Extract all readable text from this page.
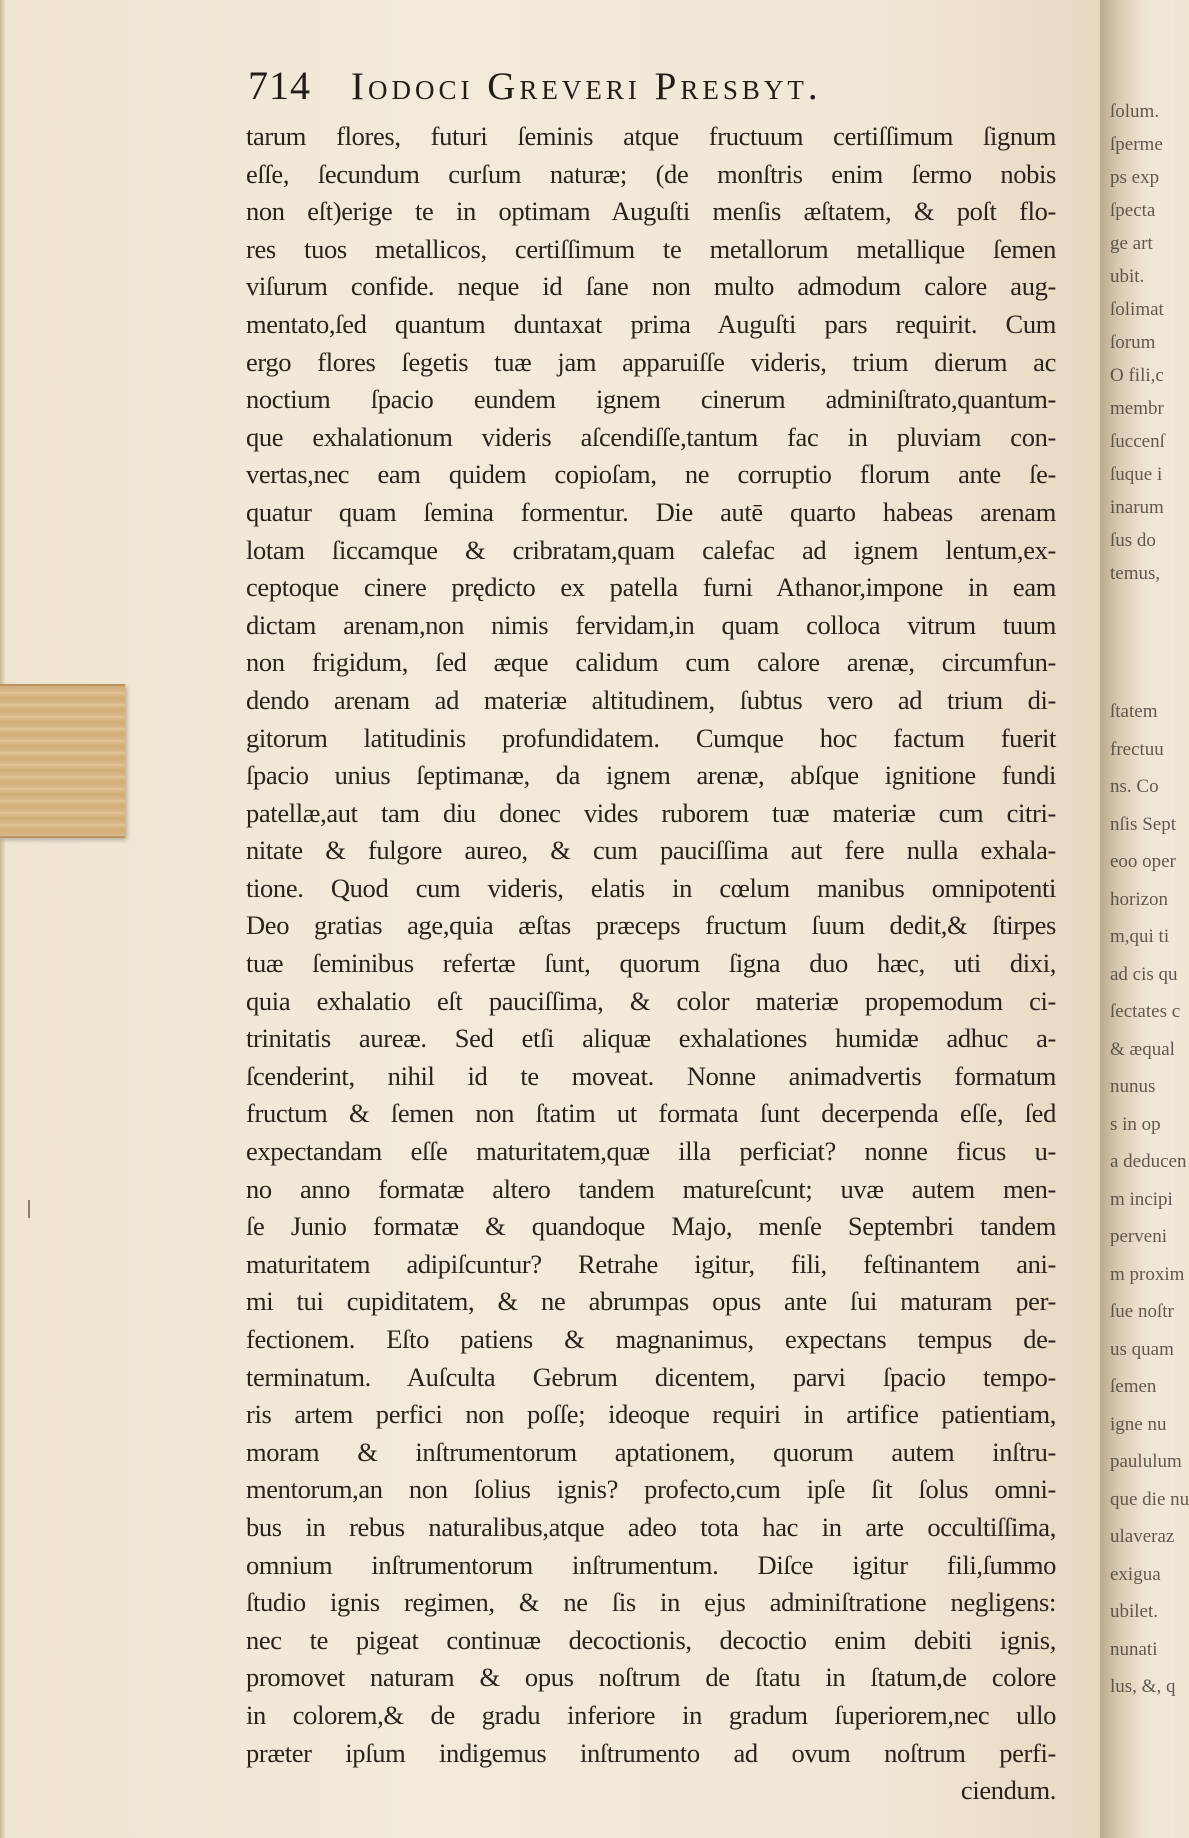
714 Iodoci Greveri Presbyt.
tarum flores, futuri ſeminis atque fructuum certiſſimum ſignum
eſſe, ſecundum curſum naturæ; (de monſtris enim ſermo nobis
non eſt)erige te in optimam Auguſti menſis æſtatem, & poſt flo-
res tuos metallicos, certiſſimum te metallorum metallique ſemen
viſurum confide. neque id ſane non multo admodum calore aug-
mentato,ſed quantum duntaxat prima Auguſti pars requirit. Cum
ergo flores ſegetis tuæ jam apparuiſſe videris, trium dierum ac
noctium ſpacio eundem ignem cinerum adminiſtrato,quantum-
que exhalationum videris aſcendiſſe,tantum fac in pluviam con-
vertas,nec eam quidem copioſam, ne corruptio florum ante ſe-
quatur quam ſemina formentur. Die autē quarto habeas arenam
lotam ſiccamque & cribratam,quam calefac ad ignem lentum,ex-
ceptoque cinere prędicto ex patella furni Athanor,impone in eam
dictam arenam,non nimis fervidam,in quam colloca vitrum tuum
non frigidum, ſed æque calidum cum calore arenæ, circumfun-
dendo arenam ad materiæ altitudinem, ſubtus vero ad trium di-
gitorum latitudinis profundidatem. Cumque hoc factum fuerit
ſpacio unius ſeptimanæ, da ignem arenæ, abſque ignitione fundi
patellæ,aut tam diu donec vides ruborem tuæ materiæ cum citri-
nitate & fulgore aureo, & cum pauciſſima aut fere nulla exhala-
tione. Quod cum videris, elatis in cœlum manibus omnipotenti
Deo gratias age,quia æſtas præceps fructum ſuum dedit,& ſtirpes
tuæ ſeminibus refertæ ſunt, quorum ſigna duo hæc, uti dixi,
quia exhalatio eſt pauciſſima, & color materiæ propemodum ci-
trinitatis aureæ. Sed etſi aliquæ exhalationes humidæ adhuc a-
ſcenderint, nihil id te moveat. Nonne animadvertis formatum
fructum & ſemen non ſtatim ut formata ſunt decerpenda eſſe, ſed
expectandam eſſe maturitatem,quæ illa perficiat? nonne ficus u-
no anno formatæ altero tandem matureſcunt; uvæ autem men-
ſe Junio formatæ & quandoque Majo, menſe Septembri tandem
maturitatem adipiſcuntur? Retrahe igitur, fili, feſtinantem ani-
mi tui cupiditatem, & ne abrumpas opus ante ſui maturam per-
fectionem. Eſto patiens & magnanimus, expectans tempus de-
terminatum. Auſculta Gebrum dicentem, parvi ſpacio tempo-
ris artem perfici non poſſe; ideoque requiri in artifice patientiam,
moram & inſtrumentorum aptationem, quorum autem inſtru-
mentorum,an non ſolius ignis? profecto,cum ipſe ſit ſolus omni-
bus in rebus naturalibus,atque adeo tota hac in arte occultiſſima,
omnium inſtrumentorum inſtrumentum. Diſce igitur fili,ſummo
ſtudio ignis regimen, & ne ſis in ejus adminiſtratione negligens:
nec te pigeat continuæ decoctionis, decoctio enim debiti ignis,
promovet naturam & opus noſtrum de ſtatu in ſtatum,de colore
in colorem,& de gradu inferiore in gradum ſuperiorem,nec ullo
præter ipſum indigemus inſtrumento ad ovum noſtrum perfi-
ciendum.
ſolum.
ſperme
ps exp
ſpecta
ge art
ubit.
ſolimat
ſorum
O fili,c
membr
ſuccenſ
ſuque i
inarum
ſus do
temus,
ſtatem
frectuu
ns. Co
nſis Sept
eoo oper
horizon
m,qui ti
ad cis qu
ſectates c
& æqual
nunus
s in op
a deducen
m incipi
perveni
m proxim
ſue noſtr
us quam
ſemen
igne nu
paululum
que die nu
ulaveraz
exigua
ubilet.
nunati
lus, &, q
